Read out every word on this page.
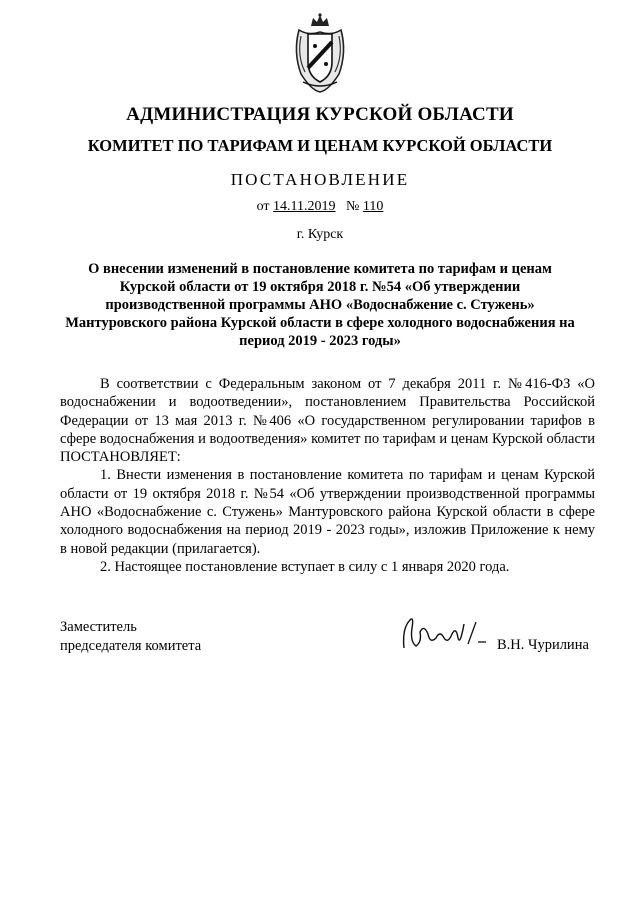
АДМИНИСТРАЦИЯ КУРСКОЙ ОБЛАСТИ
КОМИТЕТ ПО ТАРИФАМ И ЦЕНАМ КУРСКОЙ ОБЛАСТИ
ПОСТАНОВЛЕНИЕ
от 14.11.2019 № 110
г. Курск
О внесении изменений в постановление комитета по тарифам и ценам Курской области от 19 октября 2018 г. №54 «Об утверждении производственной программы АНО «Водоснабжение с. Стужень» Мантуровского района Курской области в сфере холодного водоснабжения на период 2019 - 2023 годы»

В соответствии с Федеральным законом от 7 декабря 2011 г. №416-ФЗ «О водоснабжении и водоотведении», постановлением Правительства Российской Федерации от 13 мая 2013 г. №406 «О государственном регулировании тарифов в сфере водоснабжения и водоотведения» комитет по тарифам и ценам Курской области ПОСТАНОВЛЯЕТ:

1. Внести изменения в постановление комитета по тарифам и ценам Курской области от 19 октября 2018 г. №54 «Об утверждении производственной программы АНО «Водоснабжение с. Стужень» Мантуровского района Курской области в сфере холодного водоснабжения на период 2019 - 2023 годы», изложив Приложение к нему в новой редакции (прилагается).

2. Настоящее постановление вступает в силу с 1 января 2020 года.

Заместитель
председателя комитета	В.Н. Чурилина
